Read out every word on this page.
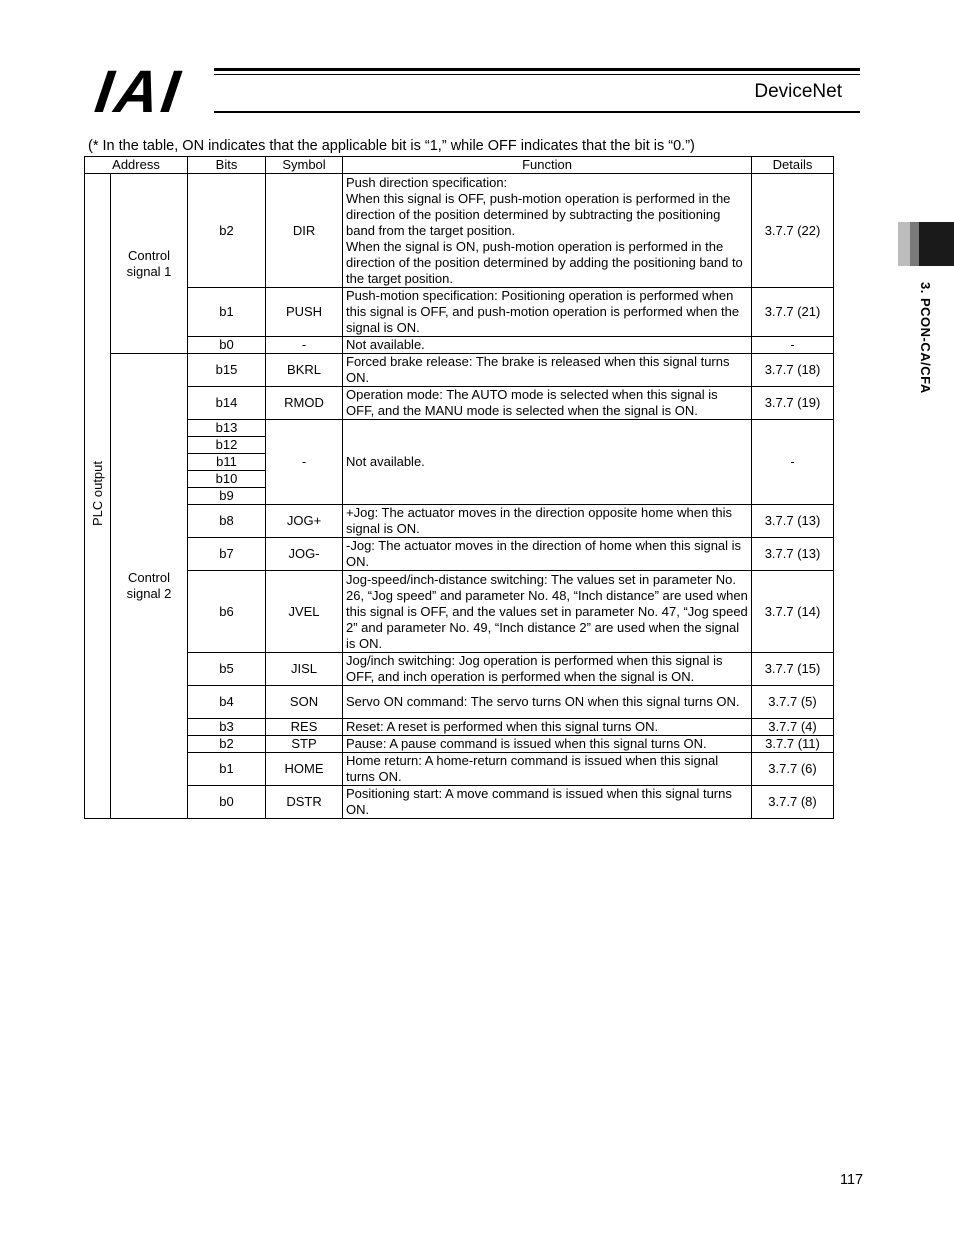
IAI	DeviceNet
3. PCON-CA/CFA
(* In the table, ON indicates that the applicable bit is “1,” while OFF indicates that the bit is “0.”)
Address		Bits	Symbol	Function	Details
PLC output	Control signal 1	b2	DIR	Push direction specification:
When this signal is OFF, push-motion operation is performed in the direction of the position determined by subtracting the positioning band from the target position.
When the signal is ON, push-motion operation is performed in the direction of the position determined by adding the positioning band to the target position.	3.7.7 (22)
		b1	PUSH	Push-motion specification: Positioning operation is performed when this signal is OFF, and push-motion operation is performed when the signal is ON.	3.7.7 (21)
		b0	-	Not available.	-
	Control signal 2	b15	BKRL	Forced brake release: The brake is released when this signal turns ON.	3.7.7 (18)
		b14	RMOD	Operation mode: The AUTO mode is selected when this signal is OFF, and the MANU mode is selected when the signal is ON.	3.7.7 (19)
		b13	-	Not available.	-
		b12			
		b11			
		b10			
		b9			
		b8	JOG+	+Jog: The actuator moves in the direction opposite home when this signal is ON.	3.7.7 (13)
		b7	JOG-	-Jog: The actuator moves in the direction of home when this signal is ON.	3.7.7 (13)
		b6	JVEL	Jog-speed/inch-distance switching: The values set in parameter No. 26, “Jog speed” and parameter No. 48, “Inch distance” are used when this signal is OFF, and the values set in parameter No. 47, “Jog speed 2” and parameter No. 49, “Inch distance 2” are used when the signal is ON.	3.7.7 (14)
		b5	JISL	Jog/inch switching: Jog operation is performed when this signal is OFF, and inch operation is performed when the signal is ON.	3.7.7 (15)
		b4	SON	Servo ON command: The servo turns ON when this signal turns ON.	3.7.7 (5)
		b3	RES	Reset: A reset is performed when this signal turns ON.	3.7.7 (4)
		b2	STP	Pause: A pause command is issued when this signal turns ON.	3.7.7 (11)
		b1	HOME	Home return: A home-return command is issued when this signal turns ON.	3.7.7 (6)
		b0	DSTR	Positioning start: A move command is issued when this signal turns ON.	3.7.7 (8)
117
